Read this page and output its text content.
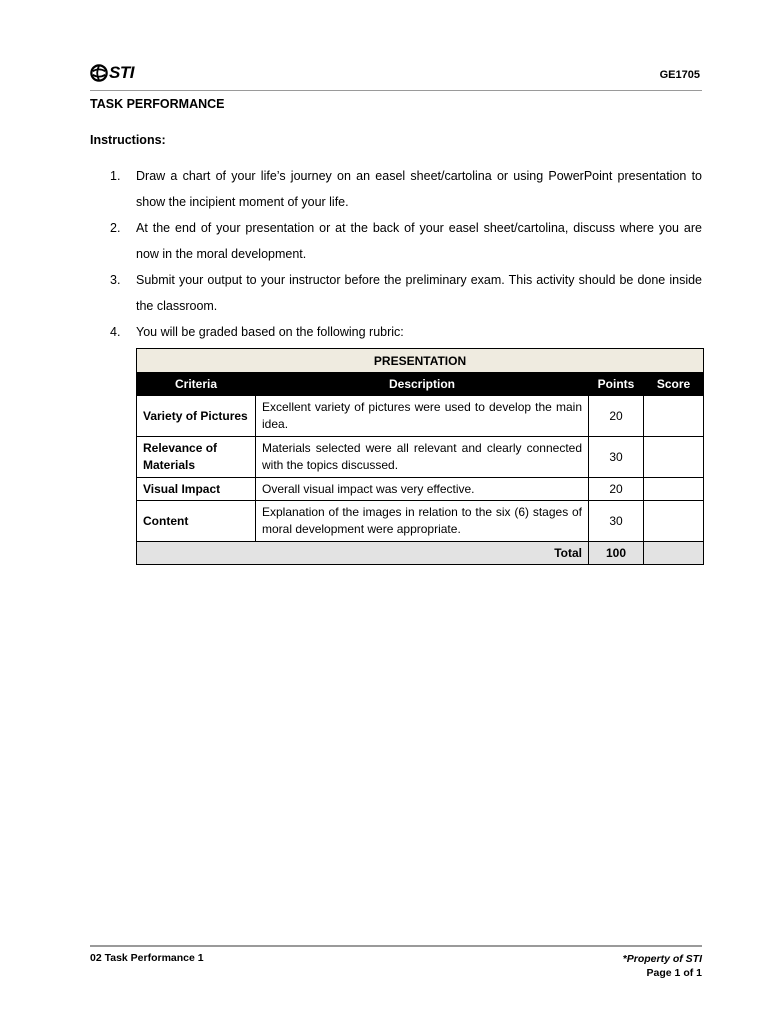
STI	GE1705
TASK PERFORMANCE
Instructions:
1. Draw a chart of your life’s journey on an easel sheet/cartolina or using PowerPoint presentation to show the incipient moment of your life.
2. At the end of your presentation or at the back of your easel sheet/cartolina, discuss where you are now in the moral development.
3. Submit your output to your instructor before the preliminary exam. This activity should be done inside the classroom.
4. You will be graded based on the following rubric:
PRESENTATION			
Criteria	Description	Points	Score
Variety of Pictures	Excellent variety of pictures were used to develop the main idea.	20	
Relevance of Materials	Materials selected were all relevant and clearly connected with the topics discussed.	30	
Visual Impact	Overall visual impact was very effective.	20	
Content	Explanation of the images in relation to the six (6) stages of moral development were appropriate.	30	
Total		100	
02 Task Performance 1	*Property of STI
Page 1 of 1
